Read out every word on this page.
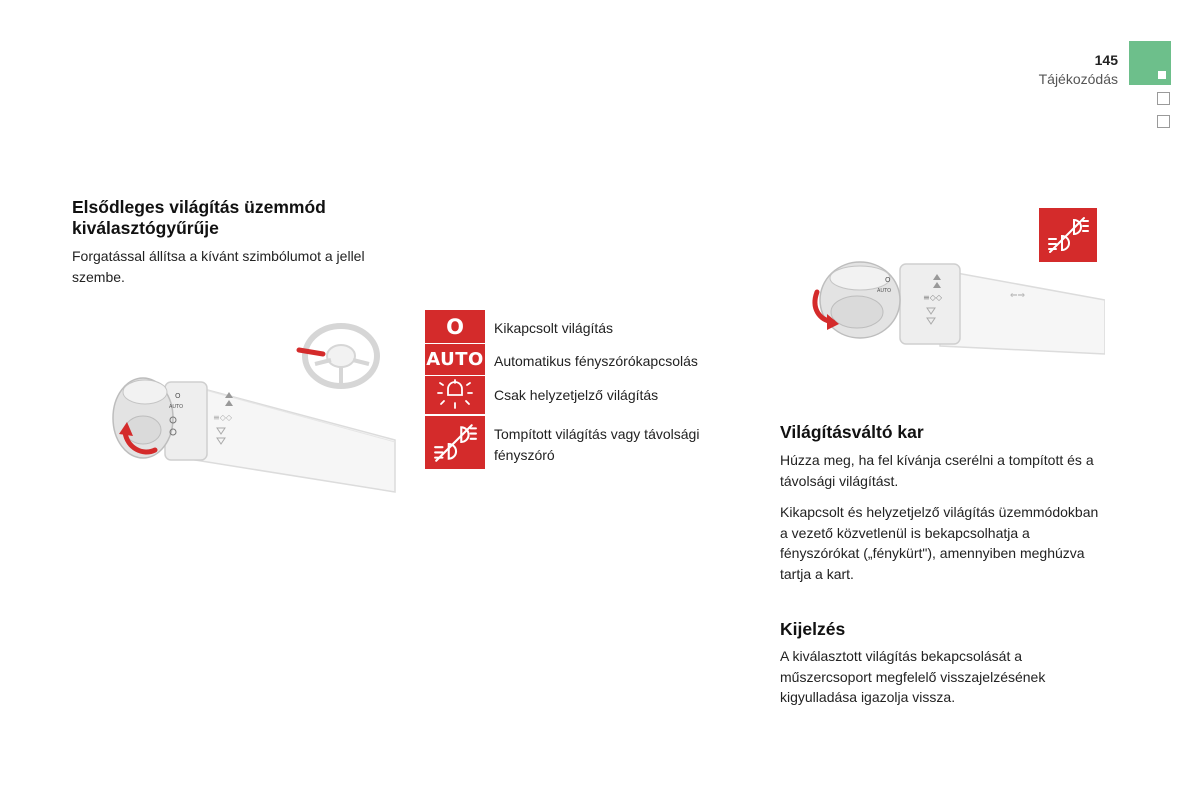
145
Tájékozódás
Elsődleges világítás üzemmód kiválasztógyűrűje
Forgatással állítsa a kívánt szimbólumot a jellel szembe.
O
AUTO
≡◇◇
O
AUTO
≡◇◇	⇐⇒
O Kikapcsolt világítás
AUTO Automatikus fényszórókapcsolás
Csak helyzetjelző világítás
Tompított világítás vagy távolsági fényszóró
Világításváltó kar
Húzza meg, ha fel kívánja cserélni a tompított és a távolsági világítást.
Kikapcsolt és helyzetjelző világítás üzemmódokban a vezető közvetlenül is bekapcsolhatja a fényszórókat („fénykürt"), amennyiben meghúzva tartja a kart.
Kijelzés
A kiválasztott világítás bekapcsolását a műszercsoport megfelelő visszajelzésének kigyulladása igazolja vissza.
